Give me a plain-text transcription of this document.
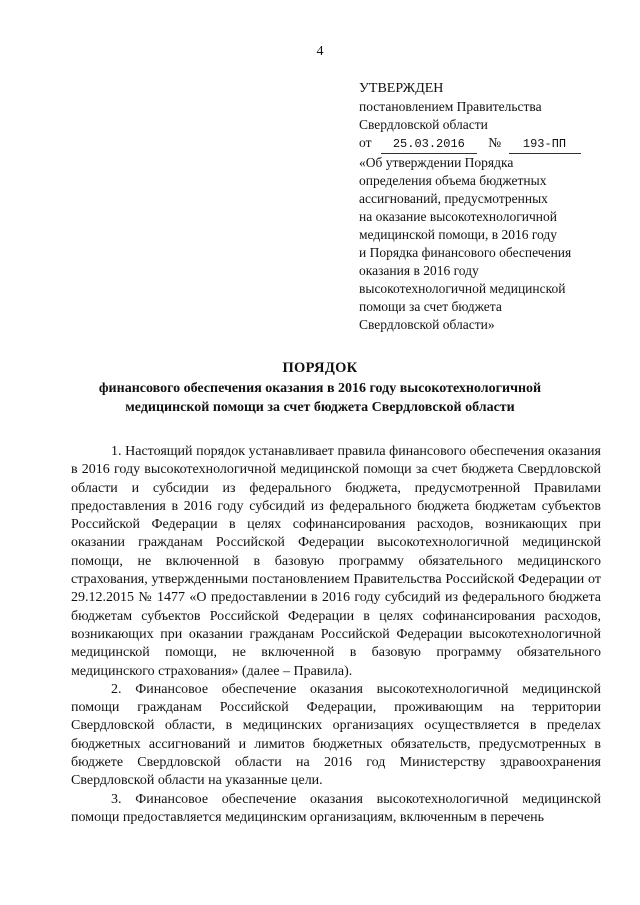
4
УТВЕРЖДЕН
постановлением Правительства
Свердловской области
от 25.03.2016 № 193-ПП
«Об утверждении Порядка
определения объема бюджетных
ассигнований, предусмотренных
на оказание высокотехнологичной
медицинской помощи, в 2016 году
и Порядка финансового обеспечения
оказания в 2016 году
высокотехнологичной медицинской
помощи за счет бюджета
Свердловской области»
ПОРЯДОК
финансового обеспечения оказания в 2016 году высокотехнологичной
медицинской помощи за счет бюджета Свердловской области

1. Настоящий порядок устанавливает правила финансового обеспечения оказания в 2016 году высокотехнологичной медицинской помощи за счет бюджета Свердловской области и субсидии из федерального бюджета, предусмотренной Правилами предоставления в 2016 году субсидий из федерального бюджета бюджетам субъектов Российской Федерации в целях софинансирования расходов, возникающих при оказании гражданам Российской Федерации высокотехнологичной медицинской помощи, не включенной в базовую программу обязательного медицинского страхования, утвержденными постановлением Правительства Российской Федерации от 29.12.2015 № 1477 «О предоставлении в 2016 году субсидий из федерального бюджета бюджетам субъектов Российской Федерации в целях софинансирования расходов, возникающих при оказании гражданам Российской Федерации высокотехнологичной медицинской помощи, не включенной в базовую программу обязательного медицинского страхования» (далее – Правила).

2. Финансовое обеспечение оказания высокотехнологичной медицинской помощи гражданам Российской Федерации, проживающим на территории Свердловской области, в медицинских организациях осуществляется в пределах бюджетных ассигнований и лимитов бюджетных обязательств, предусмотренных в бюджете Свердловской области на 2016 год Министерству здравоохранения Свердловской области на указанные цели.

3. Финансовое обеспечение оказания высокотехнологичной медицинской помощи предоставляется медицинским организациям, включенным в перечень
